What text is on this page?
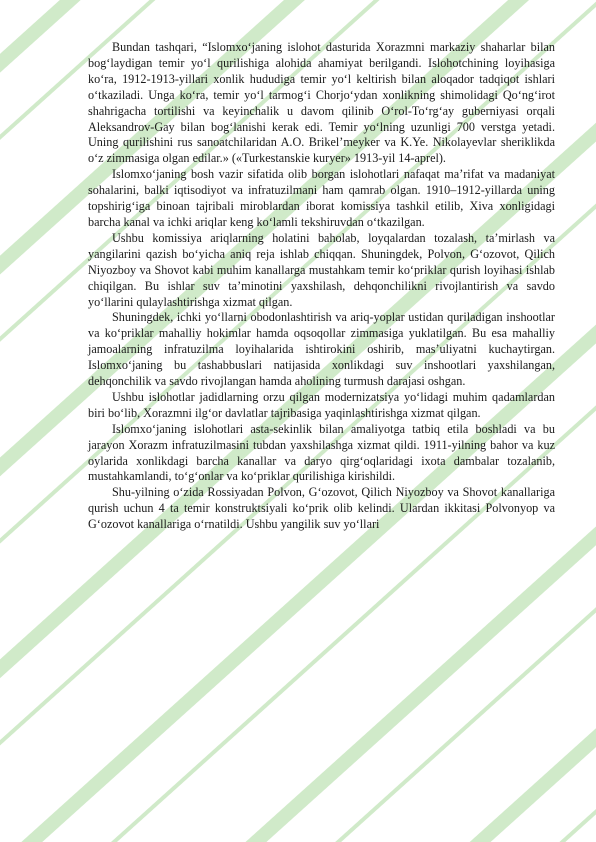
Bundan tashqari, “Islomxo‘janing islohot dasturida Xorazmni markaziy shaharlar bilan bog‘laydigan temir yo‘l qurilishiga alohida ahamiyat berilgandi. Islohotchining loyihasiga ko‘ra, 1912-1913-yillari xonlik hududiga temir yo‘l keltirish bilan aloqador tadqiqot ishlari o‘tkaziladi. Unga ko‘ra, temir yo‘l tarmog‘i Chorjo‘ydan xonlikning shimolidagi Qo‘ng‘irot shahrigacha tortilishi va keyinchalik u davom qilinib O‘rol-To‘rg‘ay guberniyasi orqali Aleksandrov-Gay bilan bog‘lanishi kerak edi. Temir yo‘lning uzunligi 700 verstga yetadi. Uning qurilishini rus sanoatchilaridan A.O. Brikel’meyker va K.Ye. Nikolayevlar sheriklikda o‘z zimmasiga olgan edilar.» («Turkestanskie kuryer» 1913-yil 14-aprel).

Islomxo‘janing bosh vazir sifatida olib borgan islohotlari nafaqat ma’rifat va madaniyat sohalarini, balki iqtisodiyot va infratuzilmani ham qamrab olgan. 1910–1912-yillarda uning topshirig‘iga binoan tajribali miroblardan iborat komissiya tashkil etilib, Xiva xonligidagi barcha kanal va ichki ariqlar keng ko‘lamli tekshiruvdan o‘tkazilgan.

Ushbu komissiya ariqlarning holatini baholab, loyqalardan tozalash, ta’mirlash va yangilarini qazish bo‘yicha aniq reja ishlab chiqqan. Shuningdek, Polvon, G‘ozovot, Qilich Niyozboy va Shovot kabi muhim kanallarga mustahkam temir ko‘priklar qurish loyihasi ishlab chiqilgan. Bu ishlar suv ta’minotini yaxshilash, dehqonchilikni rivojlantirish va savdo yo‘llarini qulaylashtirishga xizmat qilgan.

Shuningdek, ichki yo‘llarni obodonlashtirish va ariq-yoplar ustidan quriladigan inshootlar va ko‘priklar mahalliy hokimlar hamda oqsoqollar zimmasiga yuklatilgan. Bu esa mahalliy jamoalarning infratuzilma loyihalarida ishtirokini oshirib, mas’uliyatni kuchaytirgan. Islomxo‘janing bu tashabbuslari natijasida xonlikdagi suv inshootlari yaxshilangan, dehqonchilik va savdo rivojlangan hamda aholining turmush darajasi oshgan.

Ushbu islohotlar jadidlarning orzu qilgan modernizatsiya yo‘lidagi muhim qadamlardan biri bo‘lib, Xorazmni ilg‘or davlatlar tajribasiga yaqinlashtirishga xizmat qilgan.

Islomxo‘janing islohotlari asta-sekinlik bilan amaliyotga tatbiq etila boshladi va bu jarayon Xorazm infratuzilmasini tubdan yaxshilashga xizmat qildi. 1911-yilning bahor va kuz oylarida xonlikdagi barcha kanallar va daryo qirg‘oqlaridagi ixota dambalar tozalanib, mustahkamlandi, to‘g‘onlar va ko‘priklar qurilishiga kirishildi.

Shu-yilning o‘zida Rossiyadan Polvon, G‘ozovot, Qilich Niyozboy va Shovot kanallariga qurish uchun 4 ta temir konstruktsiyali ko‘prik olib kelindi. Ulardan ikkitasi Polvonyop va G‘ozovot kanallariga o‘rnatildi. Ushbu yangilik suv yo‘llari
